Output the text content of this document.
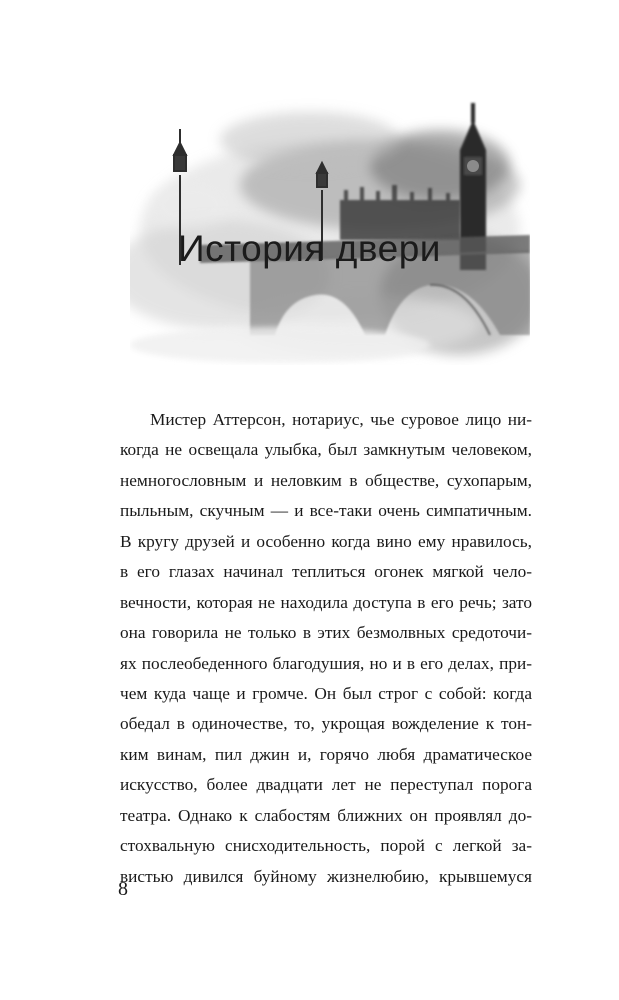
История двери
Мистер Аттерсон, нотариус, чье суровое лицо ни-
когда не освещала улыбка, был замкнутым человеком,
немногословным и неловким в обществе, сухопарым,
пыльным, скучным — и все-таки очень симпатичным.
В кругу друзей и особенно когда вино ему нравилось,
в его глазах начинал теплиться огонек мягкой чело-
вечности, которая не находила доступа в его речь; зато
она говорила не только в этих безмолвных средоточи-
ях послеобеденного благодушия, но и в его делах, при-
чем куда чаще и громче. Он был строг с собой: когда
обедал в одиночестве, то, укрощая вожделение к тон-
ким винам, пил джин и, горячо любя драматическое
искусство, более двадцати лет не переступал порога
театра. Однако к слабостям ближних он проявлял до-
стохвальную снисходительность, порой с легкой за-
вистью дивился буйному жизнелюбию, крывшемуся
8
